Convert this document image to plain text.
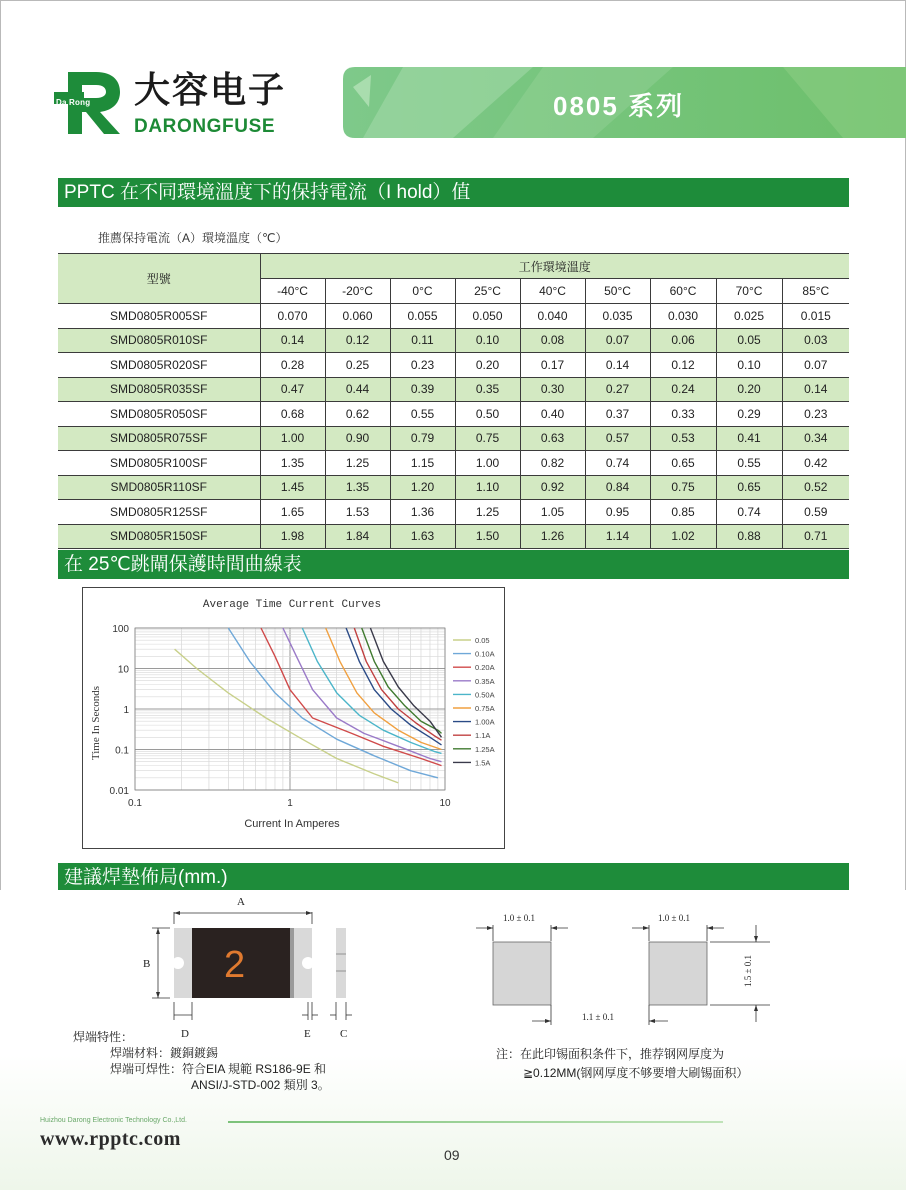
Da Rong 大容电子
DARONGFUSE
0805 系列
PPTC 在不同環境溫度下的保持電流（I hold）值
推薦保持電流（A）環境溫度（℃）
型號	工作環境溫度								
	-40°C	-20°C	0°C	25°C	40°C	50°C	60°C	70°C	85°C
SMD0805R005SF	0.070	0.060	0.055	0.050	0.040	0.035	0.030	0.025	0.015
SMD0805R010SF	0.14	0.12	0.11	0.10	0.08	0.07	0.06	0.05	0.03
SMD0805R020SF	0.28	0.25	0.23	0.20	0.17	0.14	0.12	0.10	0.07
SMD0805R035SF	0.47	0.44	0.39	0.35	0.30	0.27	0.24	0.20	0.14
SMD0805R050SF	0.68	0.62	0.55	0.50	0.40	0.37	0.33	0.29	0.23
SMD0805R075SF	1.00	0.90	0.79	0.75	0.63	0.57	0.53	0.41	0.34
SMD0805R100SF	1.35	1.25	1.15	1.00	0.82	0.74	0.65	0.55	0.42
SMD0805R110SF	1.45	1.35	1.20	1.10	0.92	0.84	0.75	0.65	0.52
SMD0805R125SF	1.65	1.53	1.36	1.25	1.05	0.95	0.85	0.74	0.59
SMD0805R150SF	1.98	1.84	1.63	1.50	1.26	1.14	1.02	0.88	0.71
在 25℃跳閘保護時間曲線表
Average Time Current Curves
Time In Seconds
Current In Amperes
0.1	1	10
100
10
1
0.1
0.01
0.05
0.10A
0.20A
0.35A
0.50A
0.75A
1.00A
1.1A
1.25A
1.5A
建議焊墊佈局(mm.)
A
B
D	E	C
2
1.0 ± 0.1	1.0 ± 0.1
1.1 ± 0.1
1.5 ± 0.1
焊端特性：
焊端材料：鍍銅鍍錫
焊端可焊性：符合EIA 規範 RS186-9E 和
ANSI/J-STD-002 類別 3。
注：在此印锡面积条件下，推荐钢网厚度为
≧0.12MM(钢网厚度不够要增大刷锡面积）
Huizhou Darong Electronic Technology Co.,Ltd.
www.rpptc.com
09
